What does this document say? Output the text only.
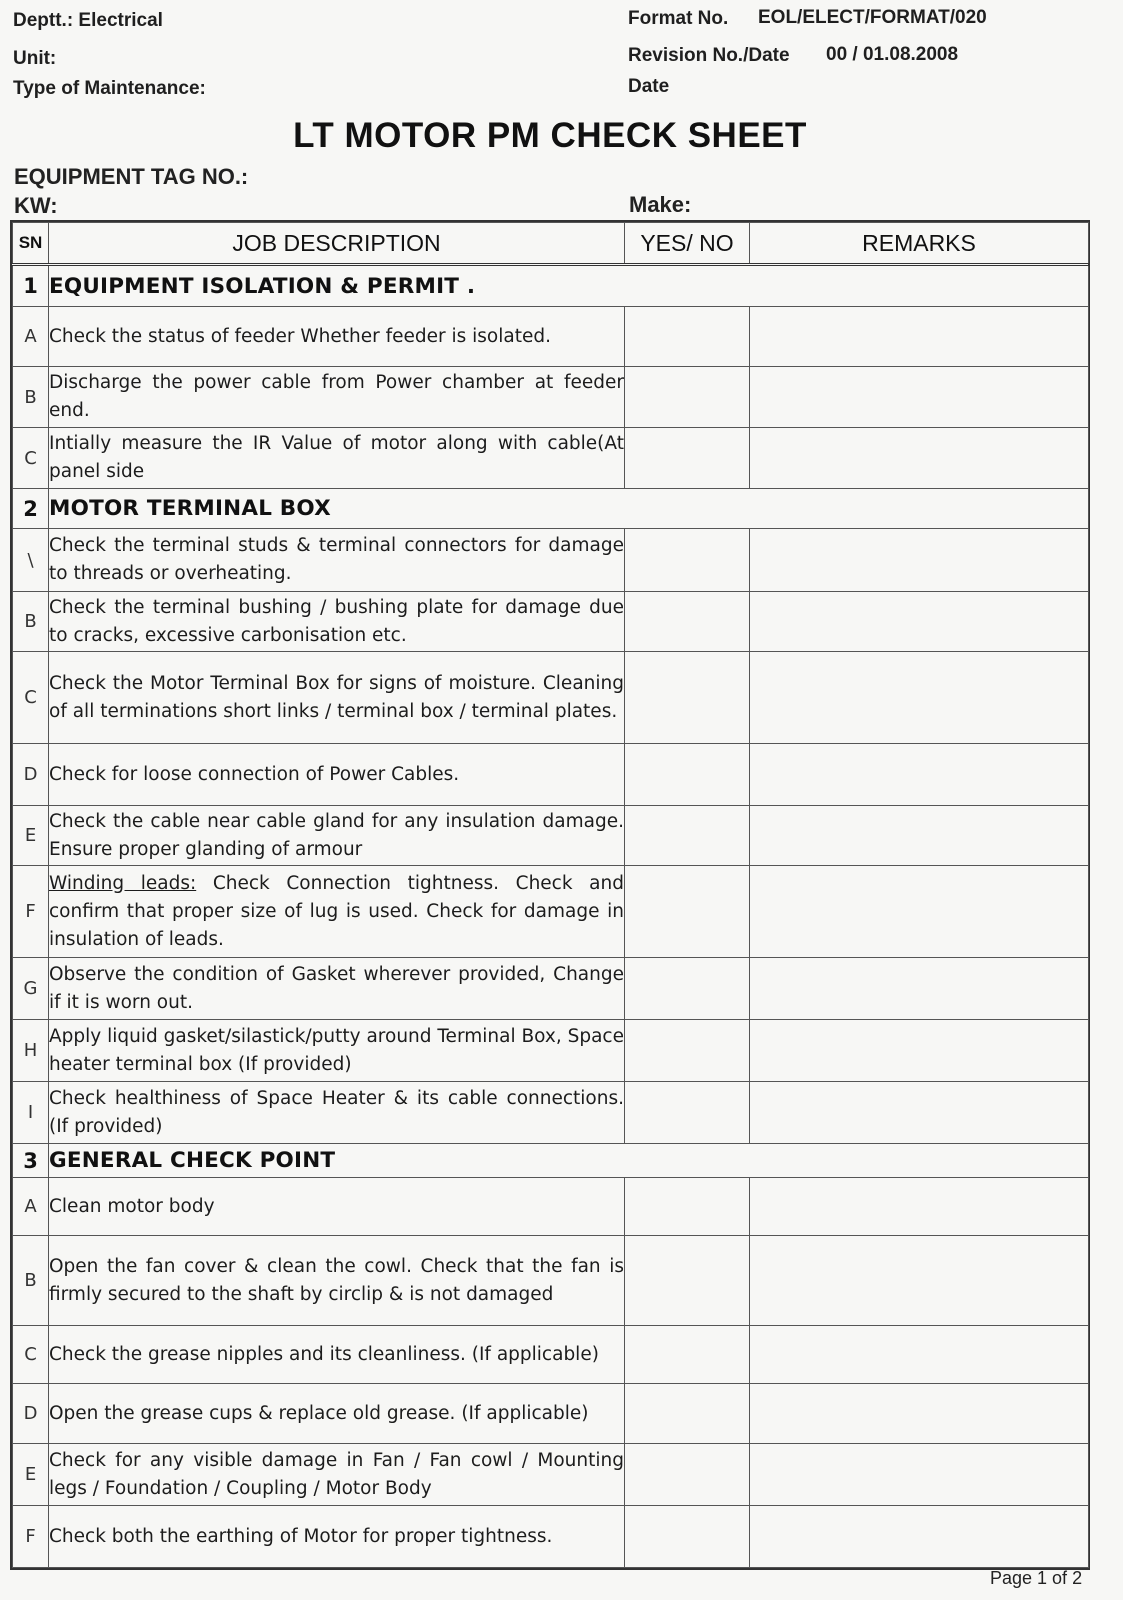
Deptt.: Electrical
Unit:
Type of Maintenance:
Format No. EOL/ELECT/FORMAT/020
Revision No./Date 00 / 01.08.2008
Date
LT MOTOR PM CHECK SHEET
EQUIPMENT TAG NO.:
KW:	Make:
SN	JOB DESCRIPTION	YES/ NO	REMARKS
1	EQUIPMENT ISOLATION & PERMIT .		
A	Check the status of feeder Whether feeder is isolated.		
B	Discharge the power cable from Power chamber at feeder end.		
C	Intially measure the IR Value of motor along with cable(At panel side		
2	MOTOR TERMINAL BOX		
\	Check the terminal studs & terminal connectors for damage to threads or overheating.		
B	Check the terminal bushing / bushing plate for damage due to cracks, excessive carbonisation etc.		
C	Check the Motor Terminal Box for signs of moisture. Cleaning of all terminations short links / terminal box / terminal plates.		
D	Check for loose connection of Power Cables.		
E	Check the cable near cable gland for any insulation damage. Ensure proper glanding of armour		
F	Winding leads: Check Connection tightness. Check and confirm that proper size of lug is used. Check for damage in insulation of leads.		
G	Observe the condition of Gasket wherever provided, Change if it is worn out.		
H	Apply liquid gasket/silastick/putty around Terminal Box, Space heater terminal box (If provided)		
I	Check healthiness of Space Heater & its cable connections. (If provided)		
3	GENERAL CHECK POINT		
A	Clean motor body		
B	Open the fan cover & clean the cowl. Check that the fan is firmly secured to the shaft by circlip & is not damaged		
C	Check the grease nipples and its cleanliness. (If applicable)		
D	Open the grease cups & replace old grease. (If applicable)		
E	Check for any visible damage in Fan / Fan cowl / Mounting legs / Foundation / Coupling / Motor Body		
F	Check both the earthing of Motor for proper tightness.		
Page 1 of 2
